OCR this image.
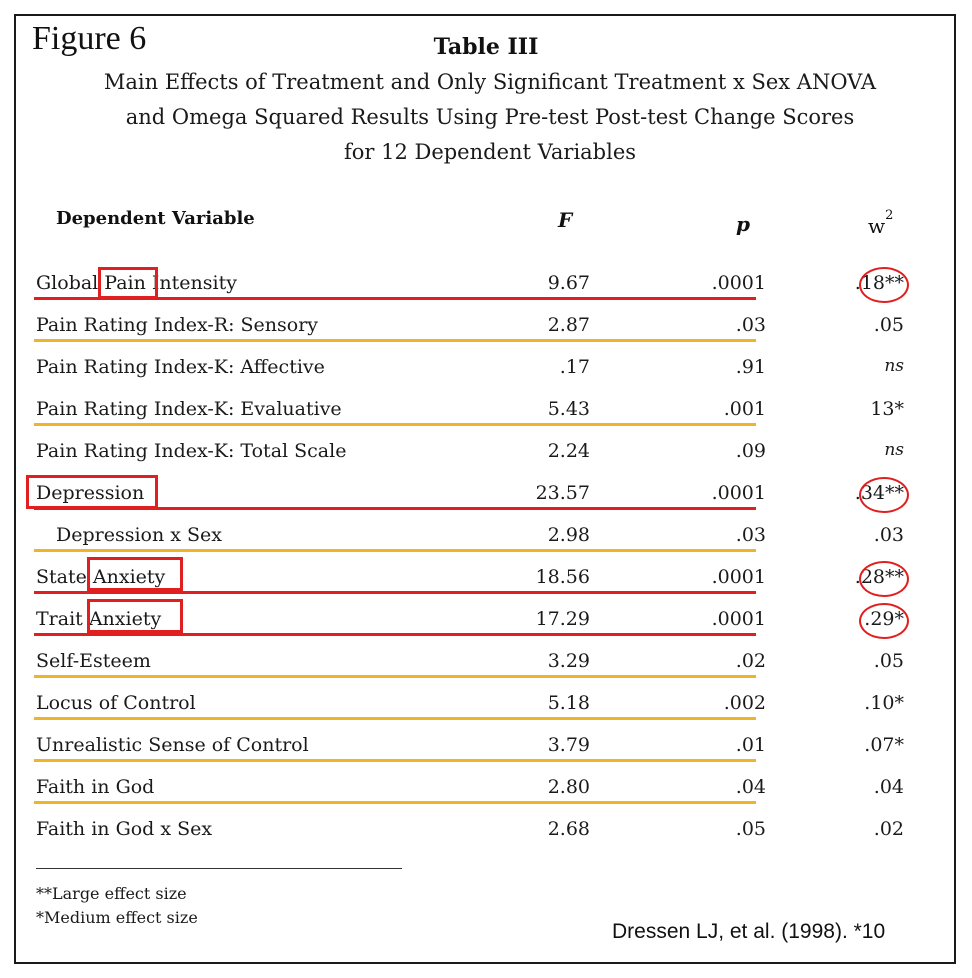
Figure 6	Table III
Main Effects of Treatment and Only Significant Treatment x Sex ANOVA
and Omega Squared Results Using Pre-test Post-test Change Scores
for 12 Dependent Variables
Dependent Variable	F	p	$w^2$
Global Pain Intensity	9.67	.0001	.18**
Pain Rating Index-R: Sensory	2.87	.03	.05
Pain Rating Index-K: Affective	.17	.91	ns
Pain Rating Index-K: Evaluative	5.43	.001	13*
Pain Rating Index-K: Total Scale	2.24	.09	ns
Depression	23.57	.0001	.34**
Depression x Sex	2.98	.03	.03
State Anxiety	18.56	.0001	.28**
Trait Anxiety	17.29	.0001	.29*
Self-Esteem	3.29	.02	.05
Locus of Control	5.18	.002	.10*
Unrealistic Sense of Control	3.79	.01	.07*
Faith in God	2.80	.04	.04
Faith in God x Sex	2.68	.05	.02
**Large effect size
*Medium effect size
Dressen LJ, et al. (1998). *10
